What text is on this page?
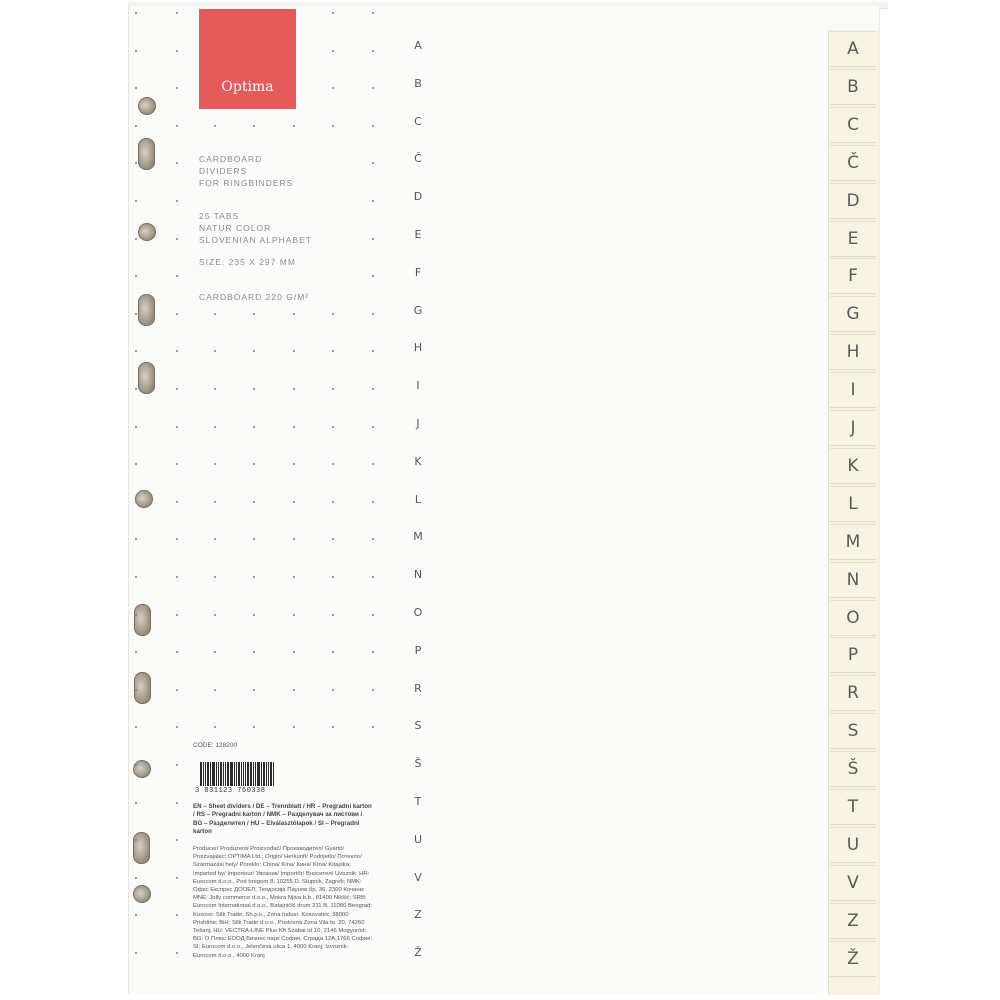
Optima
CARDBOARD
DIVIDERS
FOR RINGBINDERS
25 TABS
NATUR COLOR
SLOVENIAN ALPHABET
SIZE: 235 X 297 MM
CARDBOARD 220 G/M²
A
B
C
Č
D
E
F
G
H
I
J
K
L
M
N
O
P
R
S
Š
T
U
V
Z
Ž
A
B
C
Č
D
E
F
G
H
I
J
K
L
M
N
O
P
R
S
Š
T
U
V
Z
Ž
CODE: 128200
3 831123 760338
EN – Sheet dividers / DE – Trennblatt / HR – Pregradni karton / RS – Pregradni karton / NMK – Разделувач за листови / BG – Разделител / HU – Elválasztólapok / SI – Pregradni karton
Producer/ Produzent/ Proizvođač/ Производител/ Gyártó/ Proizvajalec: OPTIMA Ltd.; Origin/ Herkunft/ Podrijetlo/ Потекло/ Származási hely/ Poreklo: China/ Kina/ Кина/ Kína/ Kitajska; Imported by/ Importeur/ Увозник/ Importőr/ Вносител/ Uvoznik: HR: Eurocom d.o.o., Pod bregom 8, 10255 D. Stupnik, Zagreb; NMK: Офис Експрес ДООЕЛ, Теодосија Паунов бр. 36, 2300 Кочани; MNE: Jolly commerce d.o.o., Mokra Njiva b.b., 81400 Nikšić; SRB: Eurocom International d.o.o., Batajnički drum 211 B, 11080 Beograd; Kosove: Silk Trade, Sh.p.k., Zona Indust. Kosovatex, 38000 Prishtine; BiH: Silk Trade d.o.o., Poslovna Zona Vila br. 20, 74260 Tešanj; HU: VECTRA-LINE Plus Kft Szabai út 10, 2146 Mogyoród; BG: О Плюс ЕООД Бизнес парк София, Сграда 12А,1766 София; SI: Eurocom d.o.o., Jelenčeva ulica 1, 4000 Kranj; Izvoznik: Eurocom d.o.o., 4000 Kranj
